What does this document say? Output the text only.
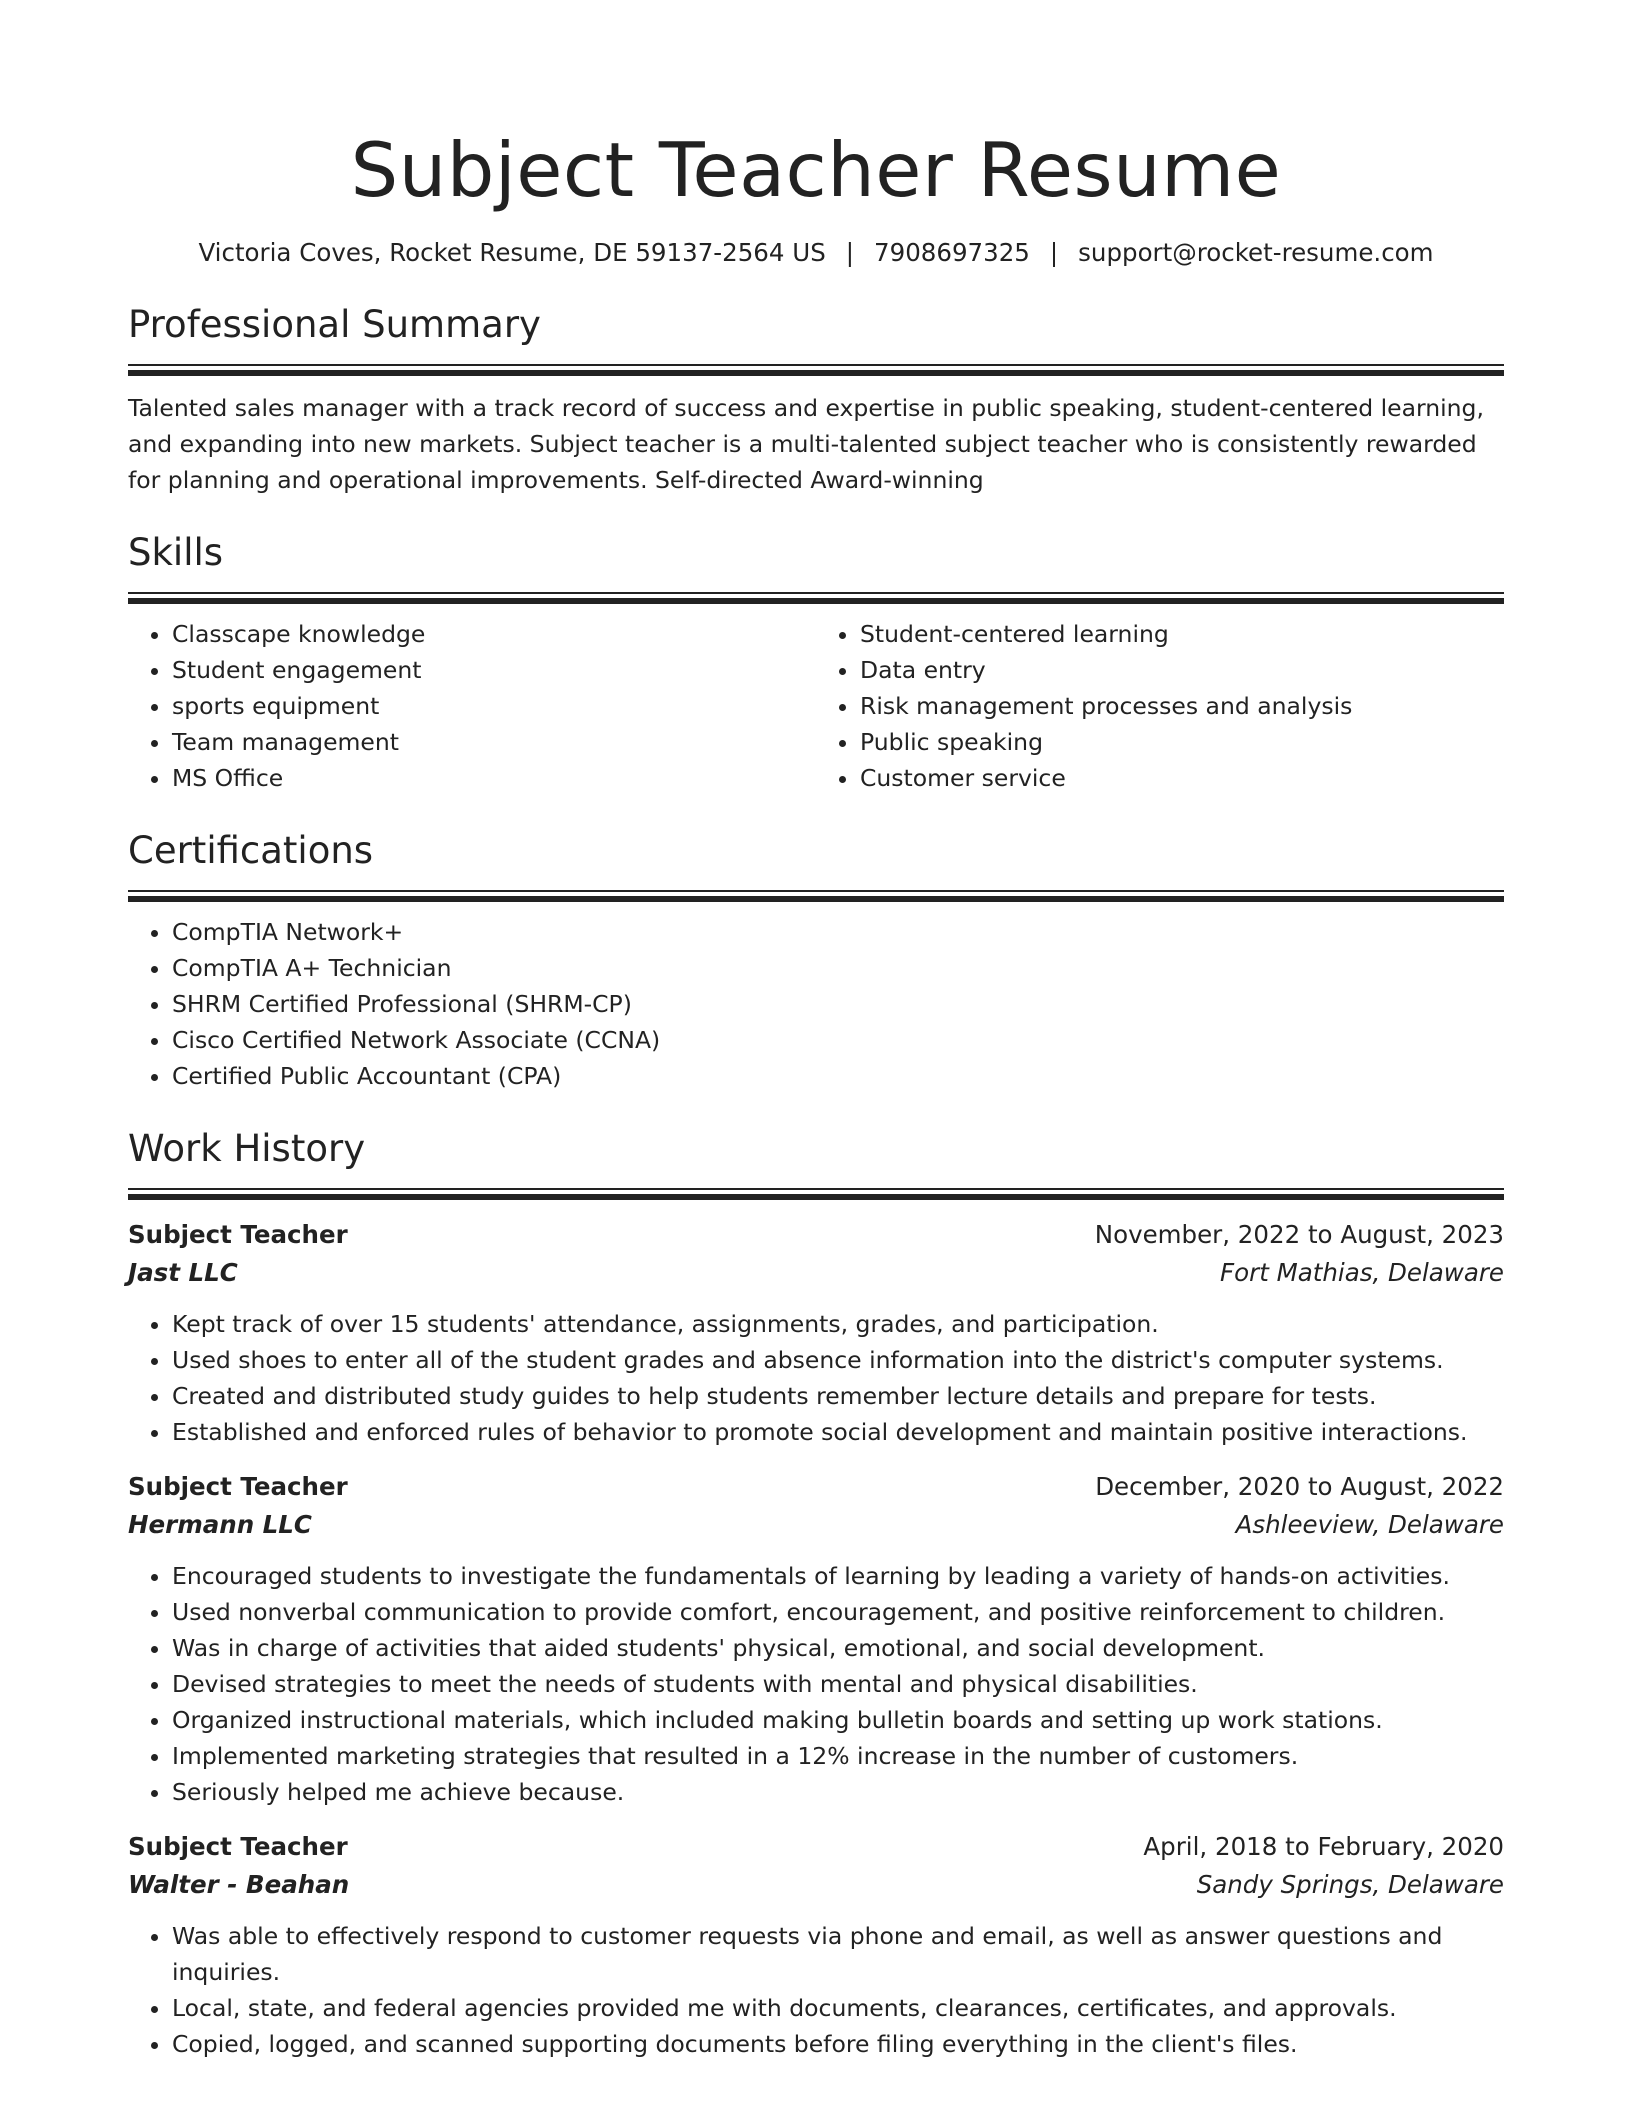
Subject Teacher Resume
Victoria Coves, Rocket Resume, DE 59137-2564 US | 7908697325 | support@rocket-resume.com
Professional Summary
Talented sales manager with a track record of success and expertise in public speaking, student-centered learning, and expanding into new markets. Subject teacher is a multi-talented subject teacher who is consistently rewarded for planning and operational improvements. Self-directed Award-winning
Skills
• Classcape knowledge
• Student engagement
• sports equipment
• Team management
• MS Office
• Student-centered learning
• Data entry
• Risk management processes and analysis
• Public speaking
• Customer service
Certifications
• CompTIA Network+
• CompTIA A+ Technician
• SHRM Certified Professional (SHRM-CP)
• Cisco Certified Network Associate (CCNA)
• Certified Public Accountant (CPA)
Work History
Subject Teacher	November, 2022 to August, 2023
Jast LLC	Fort Mathias, Delaware
• Kept track of over 15 students' attendance, assignments, grades, and participation.
• Used shoes to enter all of the student grades and absence information into the district's computer systems.
• Created and distributed study guides to help students remember lecture details and prepare for tests.
• Established and enforced rules of behavior to promote social development and maintain positive interactions.
Subject Teacher	December, 2020 to August, 2022
Hermann LLC	Ashleeview, Delaware
• Encouraged students to investigate the fundamentals of learning by leading a variety of hands-on activities.
• Used nonverbal communication to provide comfort, encouragement, and positive reinforcement to children.
• Was in charge of activities that aided students' physical, emotional, and social development.
• Devised strategies to meet the needs of students with mental and physical disabilities.
• Organized instructional materials, which included making bulletin boards and setting up work stations.
• Implemented marketing strategies that resulted in a 12% increase in the number of customers.
• Seriously helped me achieve because.
Subject Teacher	April, 2018 to February, 2020
Walter - Beahan	Sandy Springs, Delaware
• Was able to effectively respond to customer requests via phone and email, as well as answer questions and inquiries.
• Local, state, and federal agencies provided me with documents, clearances, certificates, and approvals.
• Copied, logged, and scanned supporting documents before filing everything in the client's files.
